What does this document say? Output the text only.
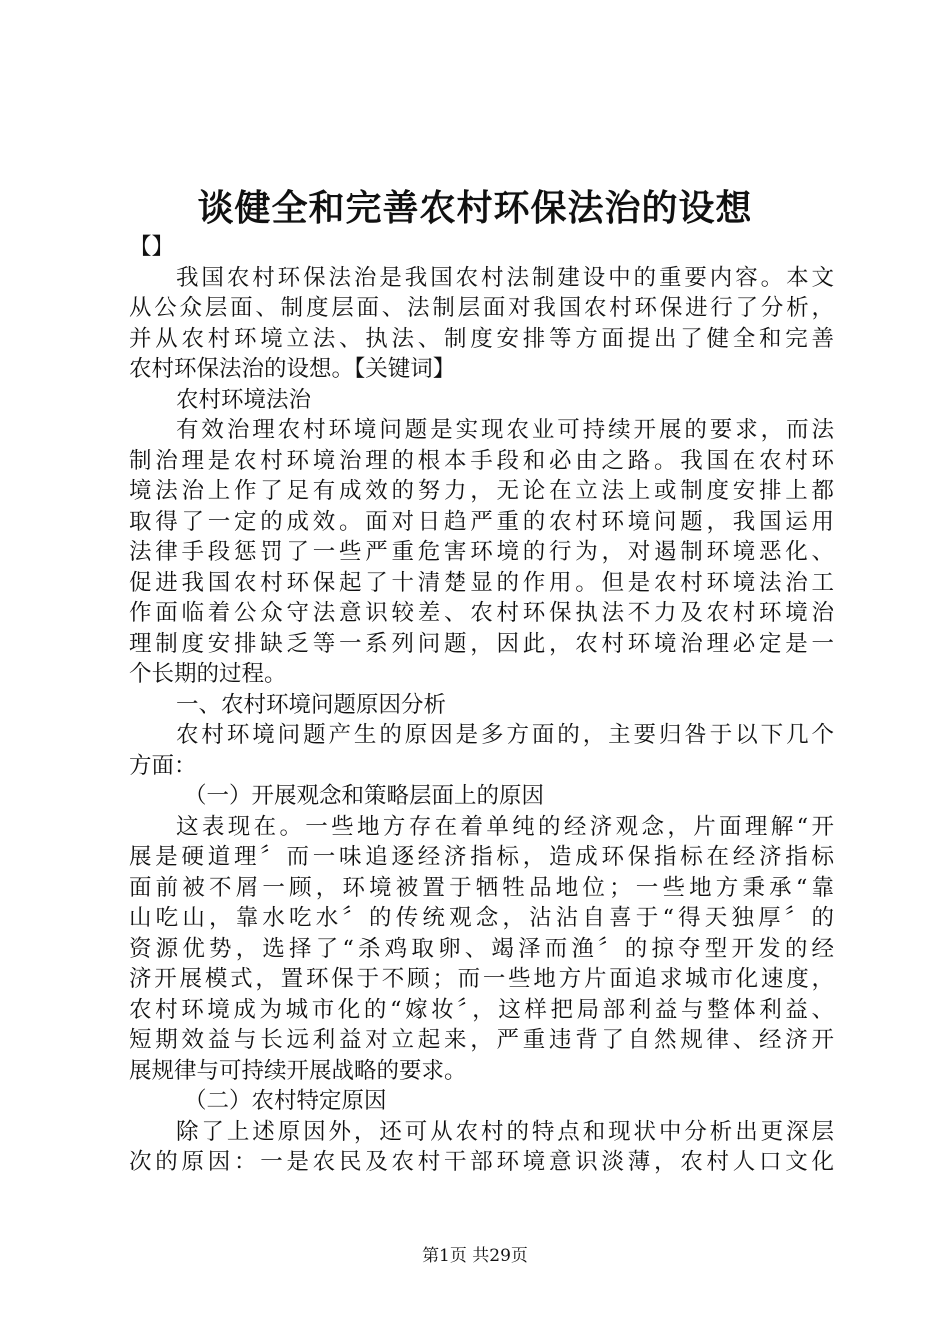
谈健全和完善农村环保法治的设想
【】
我国农村环保法治是我国农村法制建设中的重要内容。本文
从公众层面、制度层面、法制层面对我国农村环保进行了分析，
并从农村环境立法、执法、制度安排等方面提出了健全和完善
农村环保法治的设想。【关键词】
农村环境法治
有效治理农村环境问题是实现农业可持续开展的要求，而法
制治理是农村环境治理的根本手段和必由之路。我国在农村环
境法治上作了足有成效的努力，无论在立法上或制度安排上都
取得了一定的成效。面对日趋严重的农村环境问题，我国运用
法律手段惩罚了一些严重危害环境的行为，对遏制环境恶化、
促进我国农村环保起了十清楚显的作用。但是农村环境法治工
作面临着公众守法意识较差、农村环保执法不力及农村环境治
理制度安排缺乏等一系列问题，因此，农村环境治理必定是一
个长期的过程。
一、农村环境问题原因分析
农村环境问题产生的原因是多方面的，主要归咎于以下几个
方面：
（一）开展观念和策略层面上的原因
这表现在。一些地方存在着单纯的经济观念，片面理解“开
展是硬道理〞而一味追逐经济指标，造成环保指标在经济指标
面前被不屑一顾，环境被置于牺牲品地位；一些地方秉承“靠
山吃山，靠水吃水〞的传统观念，沾沾自喜于“得天独厚〞的
资源优势，选择了“杀鸡取卵、竭泽而渔〞的掠夺型开发的经
济开展模式，置环保于不顾；而一些地方片面追求城市化速度，
农村环境成为城市化的“嫁妆〞，这样把局部利益与整体利益、
短期效益与长远利益对立起来，严重违背了自然规律、经济开
展规律与可持续开展战略的要求。
（二）农村特定原因
除了上述原因外，还可从农村的特点和现状中分析出更深层
次的原因：一是农民及农村干部环境意识淡薄，农村人口文化
第1页 共29页
